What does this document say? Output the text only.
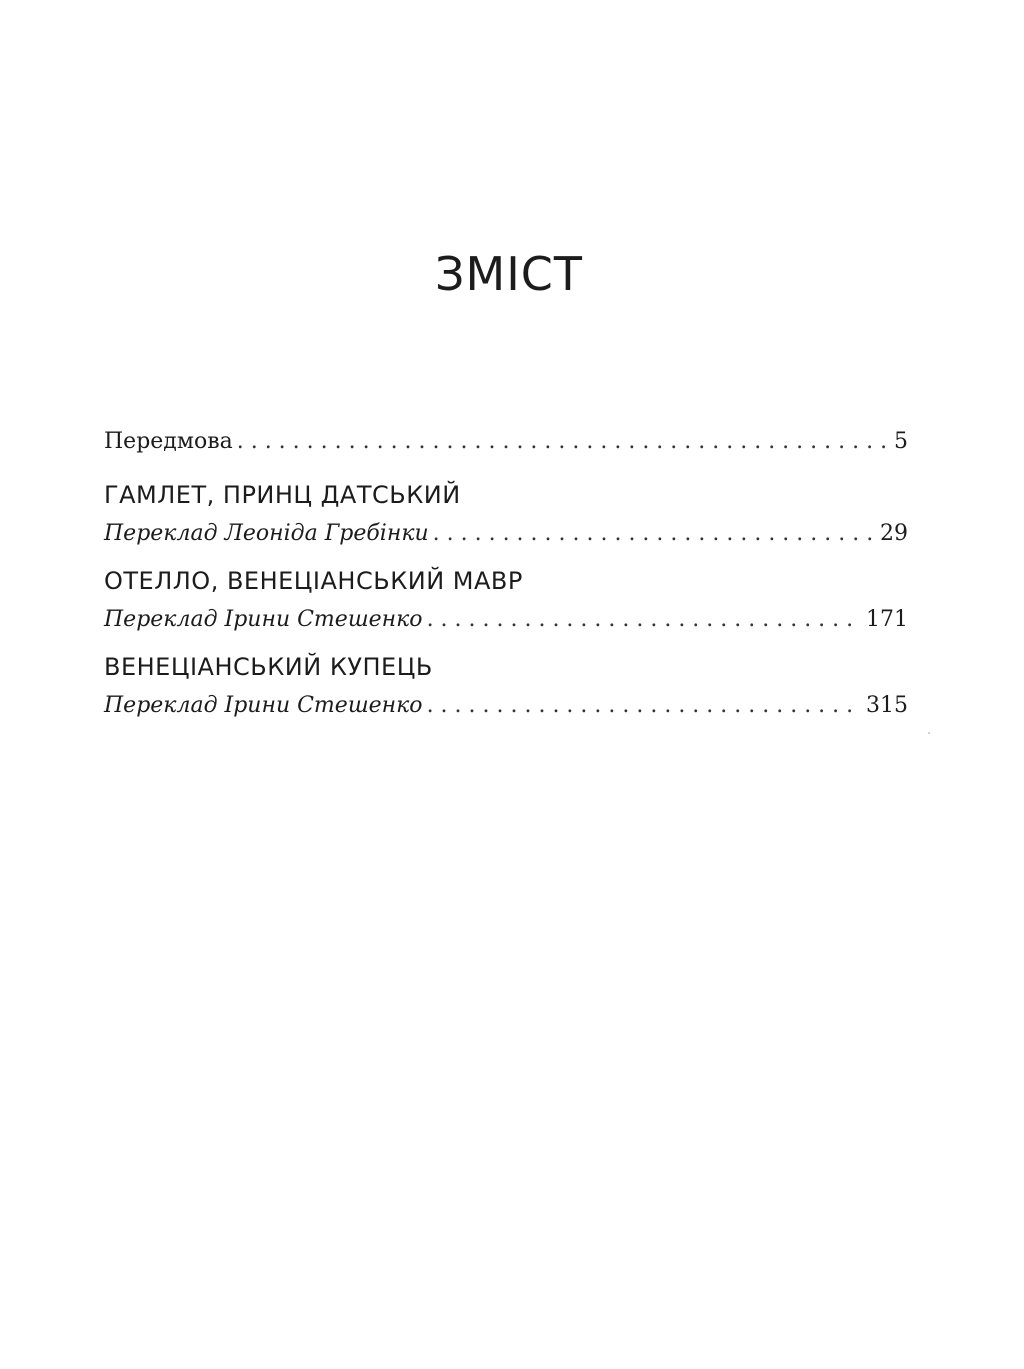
ЗМІСТ
Передмова . . .	5
ГАМЛЕТ, ПРИНЦ ДАТСЬКИЙ
Переклад Леоніда Гребінки . . .	29
ОТЕЛЛО, ВЕНЕЦІАНСЬКИЙ МАВР
Переклад Ірини Стешенко . . .	171
ВЕНЕЦІАНСЬКИЙ КУПЕЦЬ
Переклад Ірини Стешенко . . .	315
